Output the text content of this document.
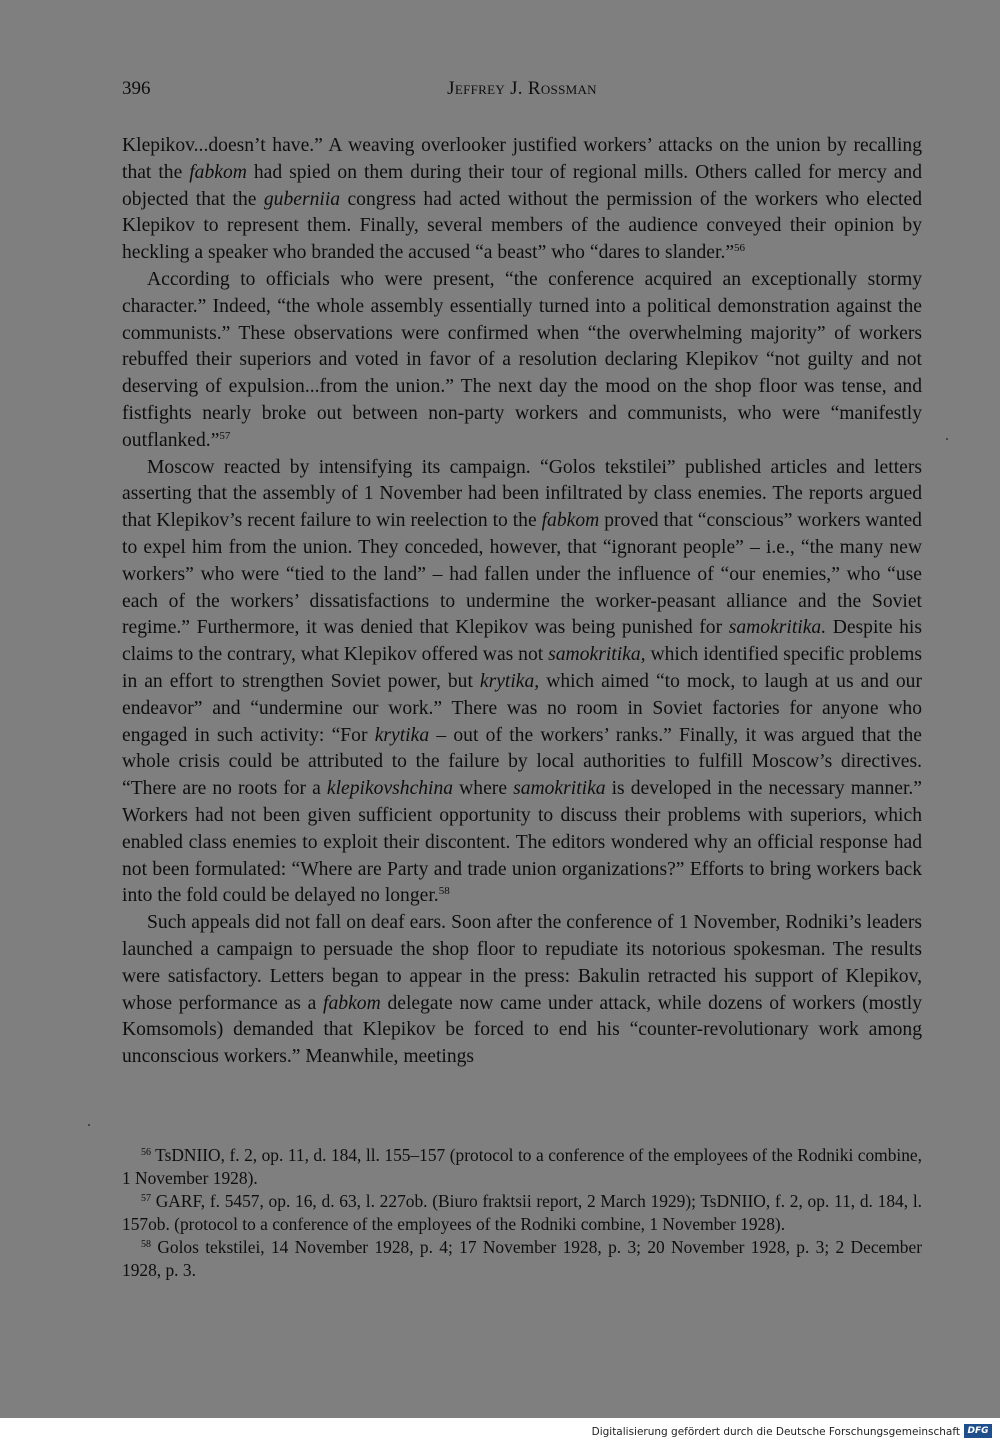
396	Jeffrey J. Rossman

Klepikov...doesn’t have.” A weaving overlooker justified workers’ attacks on the union by recalling that the fabkom had spied on them during their tour of regional mills. Others called for mercy and objected that the guberniia congress had acted without the permission of the workers who elected Klepikov to represent them. Finally, several members of the audience conveyed their opinion by heckling a speaker who branded the accused “a beast” who “dares to slander.”$^{56}$

According to officials who were present, “the conference acquired an exceptionally stormy character.” Indeed, “the whole assembly essentially turned into a political demonstration against the communists.” These observations were confirmed when “the overwhelming majority” of workers rebuffed their superiors and voted in favor of a resolution declaring Klepikov “not guilty and not deserving of expulsion...from the union.” The next day the mood on the shop floor was tense, and fistfights nearly broke out between non-party workers and communists, who were “manifestly outflanked.”$^{57}$

Moscow reacted by intensifying its campaign. “Golos tekstilei” published articles and letters asserting that the assembly of 1 November had been infiltrated by class enemies. The reports argued that Klepikov’s recent failure to win reelection to the fabkom proved that “conscious” workers wanted to expel him from the union. They conceded, however, that “ignorant people” – i.e., “the many new workers” who were “tied to the land” – had fallen under the influence of “our enemies,” who “use each of the workers’ dissatisfactions to undermine the worker-peasant alliance and the Soviet regime.” Furthermore, it was denied that Klepikov was being punished for samokritika. Despite his claims to the contrary, what Klepikov offered was not samokritika, which identified specific problems in an effort to strengthen Soviet power, but krytika, which aimed “to mock, to laugh at us and our endeavor” and “undermine our work.” There was no room in Soviet factories for anyone who engaged in such activity: “For krytika – out of the workers’ ranks.” Finally, it was argued that the whole crisis could be attributed to the failure by local authorities to fulfill Moscow’s directives. “There are no roots for a klepikovshchina where samokritika is developed in the necessary manner.” Workers had not been given sufficient opportunity to discuss their problems with superiors, which enabled class enemies to exploit their discontent. The editors wondered why an official response had not been formulated: “Where are Party and trade union organizations?” Efforts to bring workers back into the fold could be delayed no longer.$^{58}$

Such appeals did not fall on deaf ears. Soon after the conference of 1 November, Rodniki’s leaders launched a campaign to persuade the shop floor to repudiate its notorious spokesman. The results were satisfactory. Letters began to appear in the press: Bakulin retracted his support of Klepikov, whose performance as a fabkom delegate now came under attack, while dozens of workers (mostly Komsomols) demanded that Klepikov be forced to end his “counter-revolutionary work among unconscious workers.” Meanwhile, meetings

$^{56}$ TsDNIIO, f. 2, op. 11, d. 184, ll. 155–157 (protocol to a conference of the employees of the Rodniki combine, 1 November 1928).

$^{57}$ GARF, f. 5457, op. 16, d. 63, l. 227ob. (Biuro fraktsii report, 2 March 1929); TsDNIIO, f. 2, op. 11, d. 184, l. 157ob. (protocol to a conference of the employees of the Rodniki combine, 1 November 1928).

$^{58}$ Golos tekstilei, 14 November 1928, p. 4; 17 November 1928, p. 3; 20 November 1928, p. 3; 2 December 1928, p. 3.

Digitalisierung gefördert durch die Deutsche Forschungsgemeinschaft DFG
